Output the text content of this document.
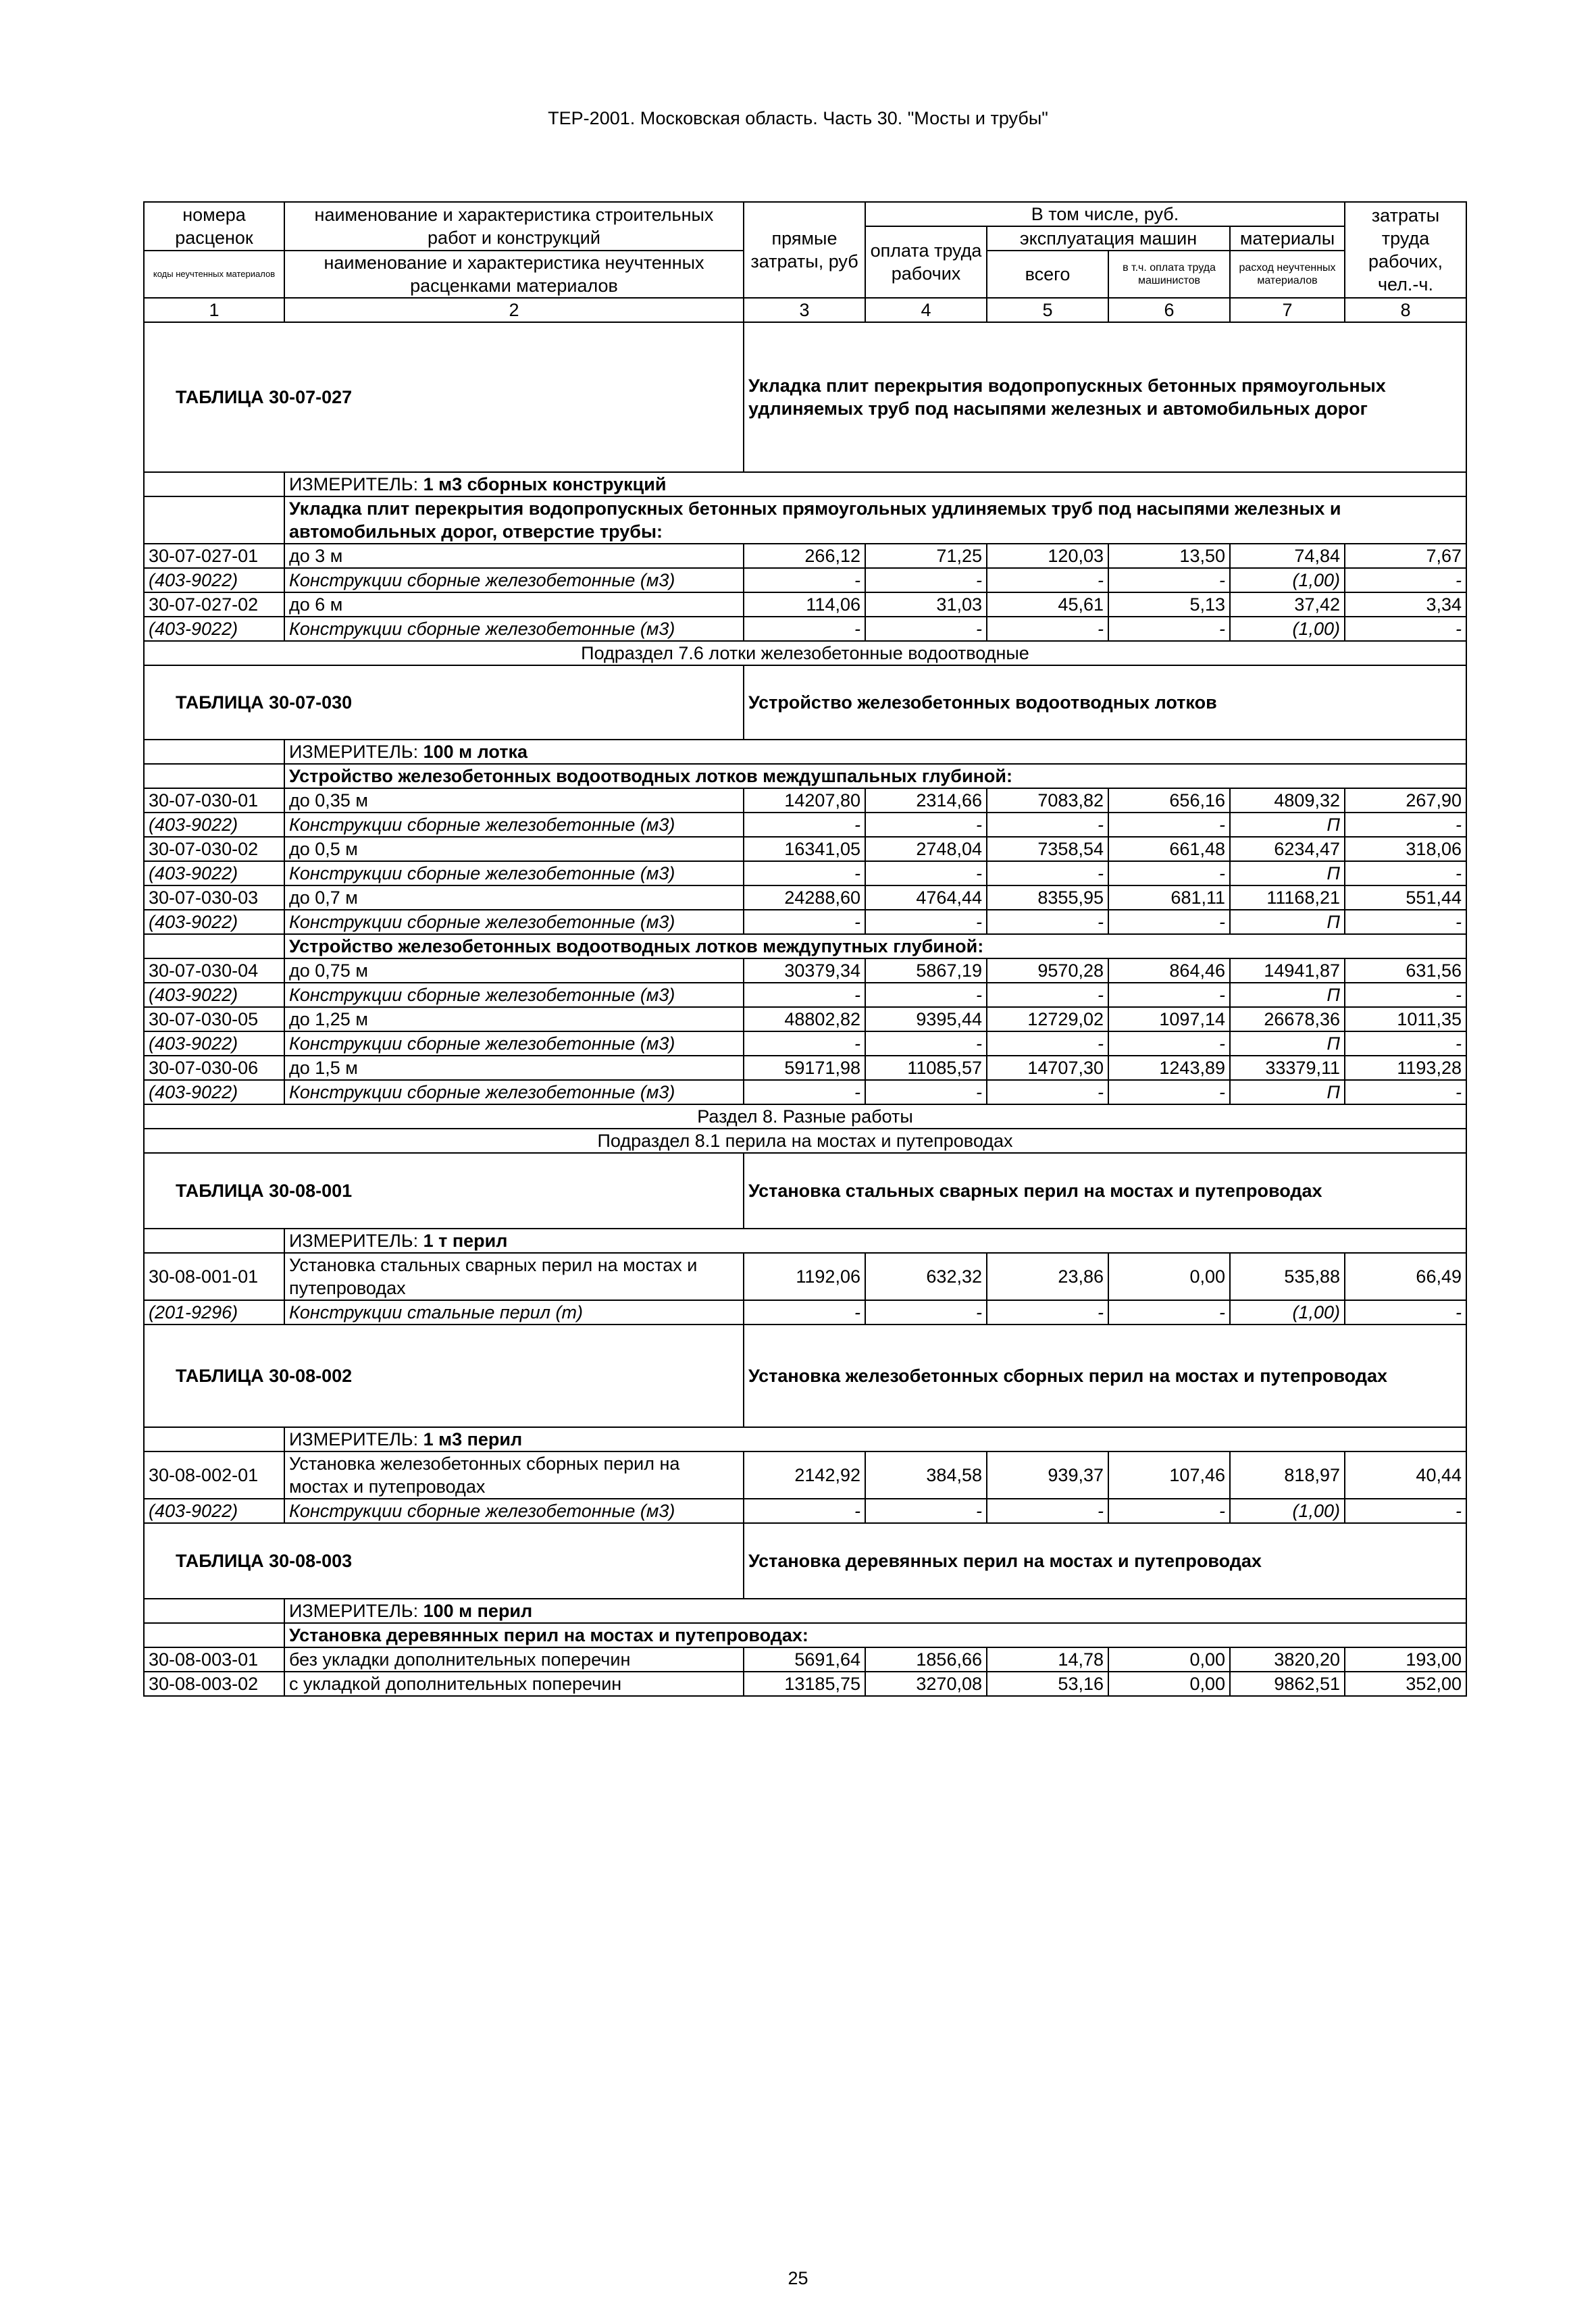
ТЕР-2001. Московская область. Часть 30. "Мосты и трубы"
номера расценок	наименование и характеристика строительных работ и конструкций	прямые затраты, руб	В том числе, руб.				затраты труда рабочих, чел.-ч.
			оплата труда рабочих	эксплуатация машин		материалы	
коды неучтенных материалов	наименование и характеристика неучтенных расценками материалов			всего	в т.ч. оплата труда машинистов	расход неучтенных материалов	
1	2	3	4	5	6	7	8
ТАБЛИЦА 30-07-027		Укладка плит перекрытия водопропускных бетонных прямоугольных удлиняемых труб под насыпями железных и автомобильных дорог					
	ИЗМЕРИТЕЛЬ: 1 м3 сборных конструкций						
	Укладка плит перекрытия водопропускных бетонных прямоугольных удлиняемых труб под насыпями железных и автомобильных дорог, отверстие трубы:						
30-07-027-01	до 3 м	266,12	71,25	120,03	13,50	74,84	7,67
(403-9022)	Конструкции сборные железобетонные (м3)	-	-	-	-	(1,00)	-
30-07-027-02	до 6 м	114,06	31,03	45,61	5,13	37,42	3,34
(403-9022)	Конструкции сборные железобетонные (м3)	-	-	-	-	(1,00)	-
Подраздел 7.6 лотки железобетонные водоотводные							
ТАБЛИЦА 30-07-030		Устройство железобетонных водоотводных лотков					
	ИЗМЕРИТЕЛЬ: 100 м лотка						
	Устройство железобетонных водоотводных лотков междушпальных глубиной:						
30-07-030-01	до 0,35 м	14207,80	2314,66	7083,82	656,16	4809,32	267,90
(403-9022)	Конструкции сборные железобетонные (м3)	-	-	-	-	П	-
30-07-030-02	до 0,5 м	16341,05	2748,04	7358,54	661,48	6234,47	318,06
(403-9022)	Конструкции сборные железобетонные (м3)	-	-	-	-	П	-
30-07-030-03	до 0,7 м	24288,60	4764,44	8355,95	681,11	11168,21	551,44
(403-9022)	Конструкции сборные железобетонные (м3)	-	-	-	-	П	-
	Устройство железобетонных водоотводных лотков междупутных глубиной:						
30-07-030-04	до 0,75 м	30379,34	5867,19	9570,28	864,46	14941,87	631,56
(403-9022)	Конструкции сборные железобетонные (м3)	-	-	-	-	П	-
30-07-030-05	до 1,25 м	48802,82	9395,44	12729,02	1097,14	26678,36	1011,35
(403-9022)	Конструкции сборные железобетонные (м3)	-	-	-	-	П	-
30-07-030-06	до 1,5 м	59171,98	11085,57	14707,30	1243,89	33379,11	1193,28
(403-9022)	Конструкции сборные железобетонные (м3)	-	-	-	-	П	-
Раздел 8. Разные работы							
Подраздел 8.1 перила на мостах и путепроводах							
ТАБЛИЦА 30-08-001		Установка стальных сварных перил на мостах и путепроводах					
	ИЗМЕРИТЕЛЬ: 1 т перил						
30-08-001-01	Установка стальных сварных перил на мостах и путепроводах	1192,06	632,32	23,86	0,00	535,88	66,49
(201-9296)	Конструкции стальные перил (т)	-	-	-	-	(1,00)	-
ТАБЛИЦА 30-08-002		Установка железобетонных сборных перил на мостах и путепроводах					
	ИЗМЕРИТЕЛЬ: 1 м3 перил						
30-08-002-01	Установка железобетонных сборных перил на мостах и путепроводах	2142,92	384,58	939,37	107,46	818,97	40,44
(403-9022)	Конструкции сборные железобетонные (м3)	-	-	-	-	(1,00)	-
ТАБЛИЦА 30-08-003		Установка деревянных перил на мостах и путепроводах					
	ИЗМЕРИТЕЛЬ: 100 м перил						
	Установка деревянных перил на мостах и путепроводах:						
30-08-003-01	без укладки дополнительных поперечин	5691,64	1856,66	14,78	0,00	3820,20	193,00
30-08-003-02	с укладкой дополнительных поперечин	13185,75	3270,08	53,16	0,00	9862,51	352,00
25
